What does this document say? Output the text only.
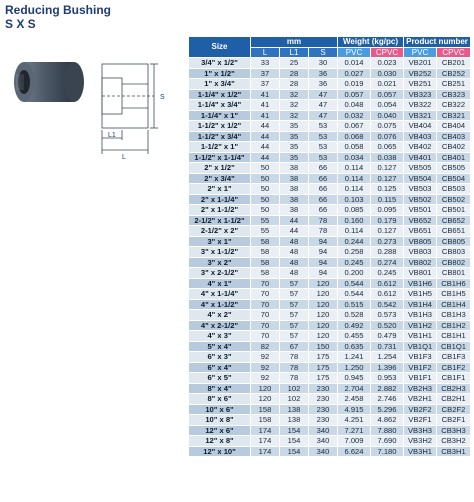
Reducing Bushing
S X S
S
L1
L
Size	mm			Weight (kg/pc)		Product number	
	L	L1	S	PVC	CPVC	PVC	CPVC
3/4" x 1/2"	33	25	30	0.014	0.023	VB201	CB201
1" x 1/2"	37	28	36	0.027	0.030	VB252	CB252
1" x 3/4"	37	28	36	0.019	0.021	VB251	CB251
1-1/4" x 1/2"	41	32	47	0.057	0.057	VB323	CB323
1-1/4" x 3/4"	41	32	47	0.048	0.054	VB322	CB322
1-1/4" x 1"	41	32	47	0.032	0.040	VB321	CB321
1-1/2" x 1/2"	44	35	53	0.067	0.075	VB404	CB404
1-1/2" x 3/4"	44	35	53	0.068	0.076	VB403	CB403
1-1/2" x 1"	44	35	53	0.058	0.065	VB402	CB402
1-1/2" x 1-1/4"	44	35	53	0.034	0.038	VB401	CB401
2" x 1/2"	50	38	66	0.114	0.127	VB505	CB505
2" x 3/4"	50	38	66	0.114	0.127	VB504	CB504
2" x 1"	50	38	66	0.114	0.125	VB503	CB503
2" x 1-1/4"	50	38	66	0.103	0.115	VB502	CB502
2" x 1-1/2"	50	38	66	0.085	0.095	VB501	CB501
2-1/2" x 1-1/2"	55	44	78	0.160	0.179	VB652	CB652
2-1/2" x 2"	55	44	78	0.114	0.127	VB651	CB651
3" x 1"	58	48	94	0.244	0.273	VB805	CB805
3" x 1-1/2"	58	48	94	0.258	0.288	VB803	CB803
3" x 2"	58	48	94	0.245	0.274	VB802	CB802
3" x 2-1/2"	58	48	94	0.200	0.245	VB801	CB801
4" x 1"	70	57	120	0.544	0.612	VB1H6	CB1H6
4" x 1-1/4"	70	57	120	0.544	0.612	VB1H5	CB1H5
4" x 1-1/2"	70	57	120	0.515	0.542	VB1H4	CB1H4
4" x 2"	70	57	120	0.528	0.573	VB1H3	CB1H3
4" x 2-1/2"	70	57	120	0.492	0.520	VB1H2	CB1H2
4" x 3"	70	57	120	0.455	0.479	VB1H1	CB1H1
5" x 4"	82	67	150	0.635	0.731	VB1Q1	CB1Q1
6" x 3"	92	78	175	1.241	1.254	VB1F3	CB1F3
6" x 4"	92	78	175	1.250	1.396	VB1F2	CB1F2
6" x 5"	92	78	175	0.945	0.953	VB1F1	CB1F1
8" x 4"	120	102	230	2.704	2.882	VB2H3	CB2H3
8" x 6"	120	102	230	2.458	2.746	VB2H1	CB2H1
10" x 6"	158	138	230	4.915	5.296	VB2F2	CB2F2
10" x 8"	158	138	230	4.251	4.862	VB2F1	CB2F1
12" x 6"	174	154	340	7.271	7.880	VB3H3	CB3H3
12" x 8"	174	154	340	7.009	7.690	VB3H2	CB3H2
12" x 10"	174	154	340	6.624	7.180	VB3H1	CB3H1
